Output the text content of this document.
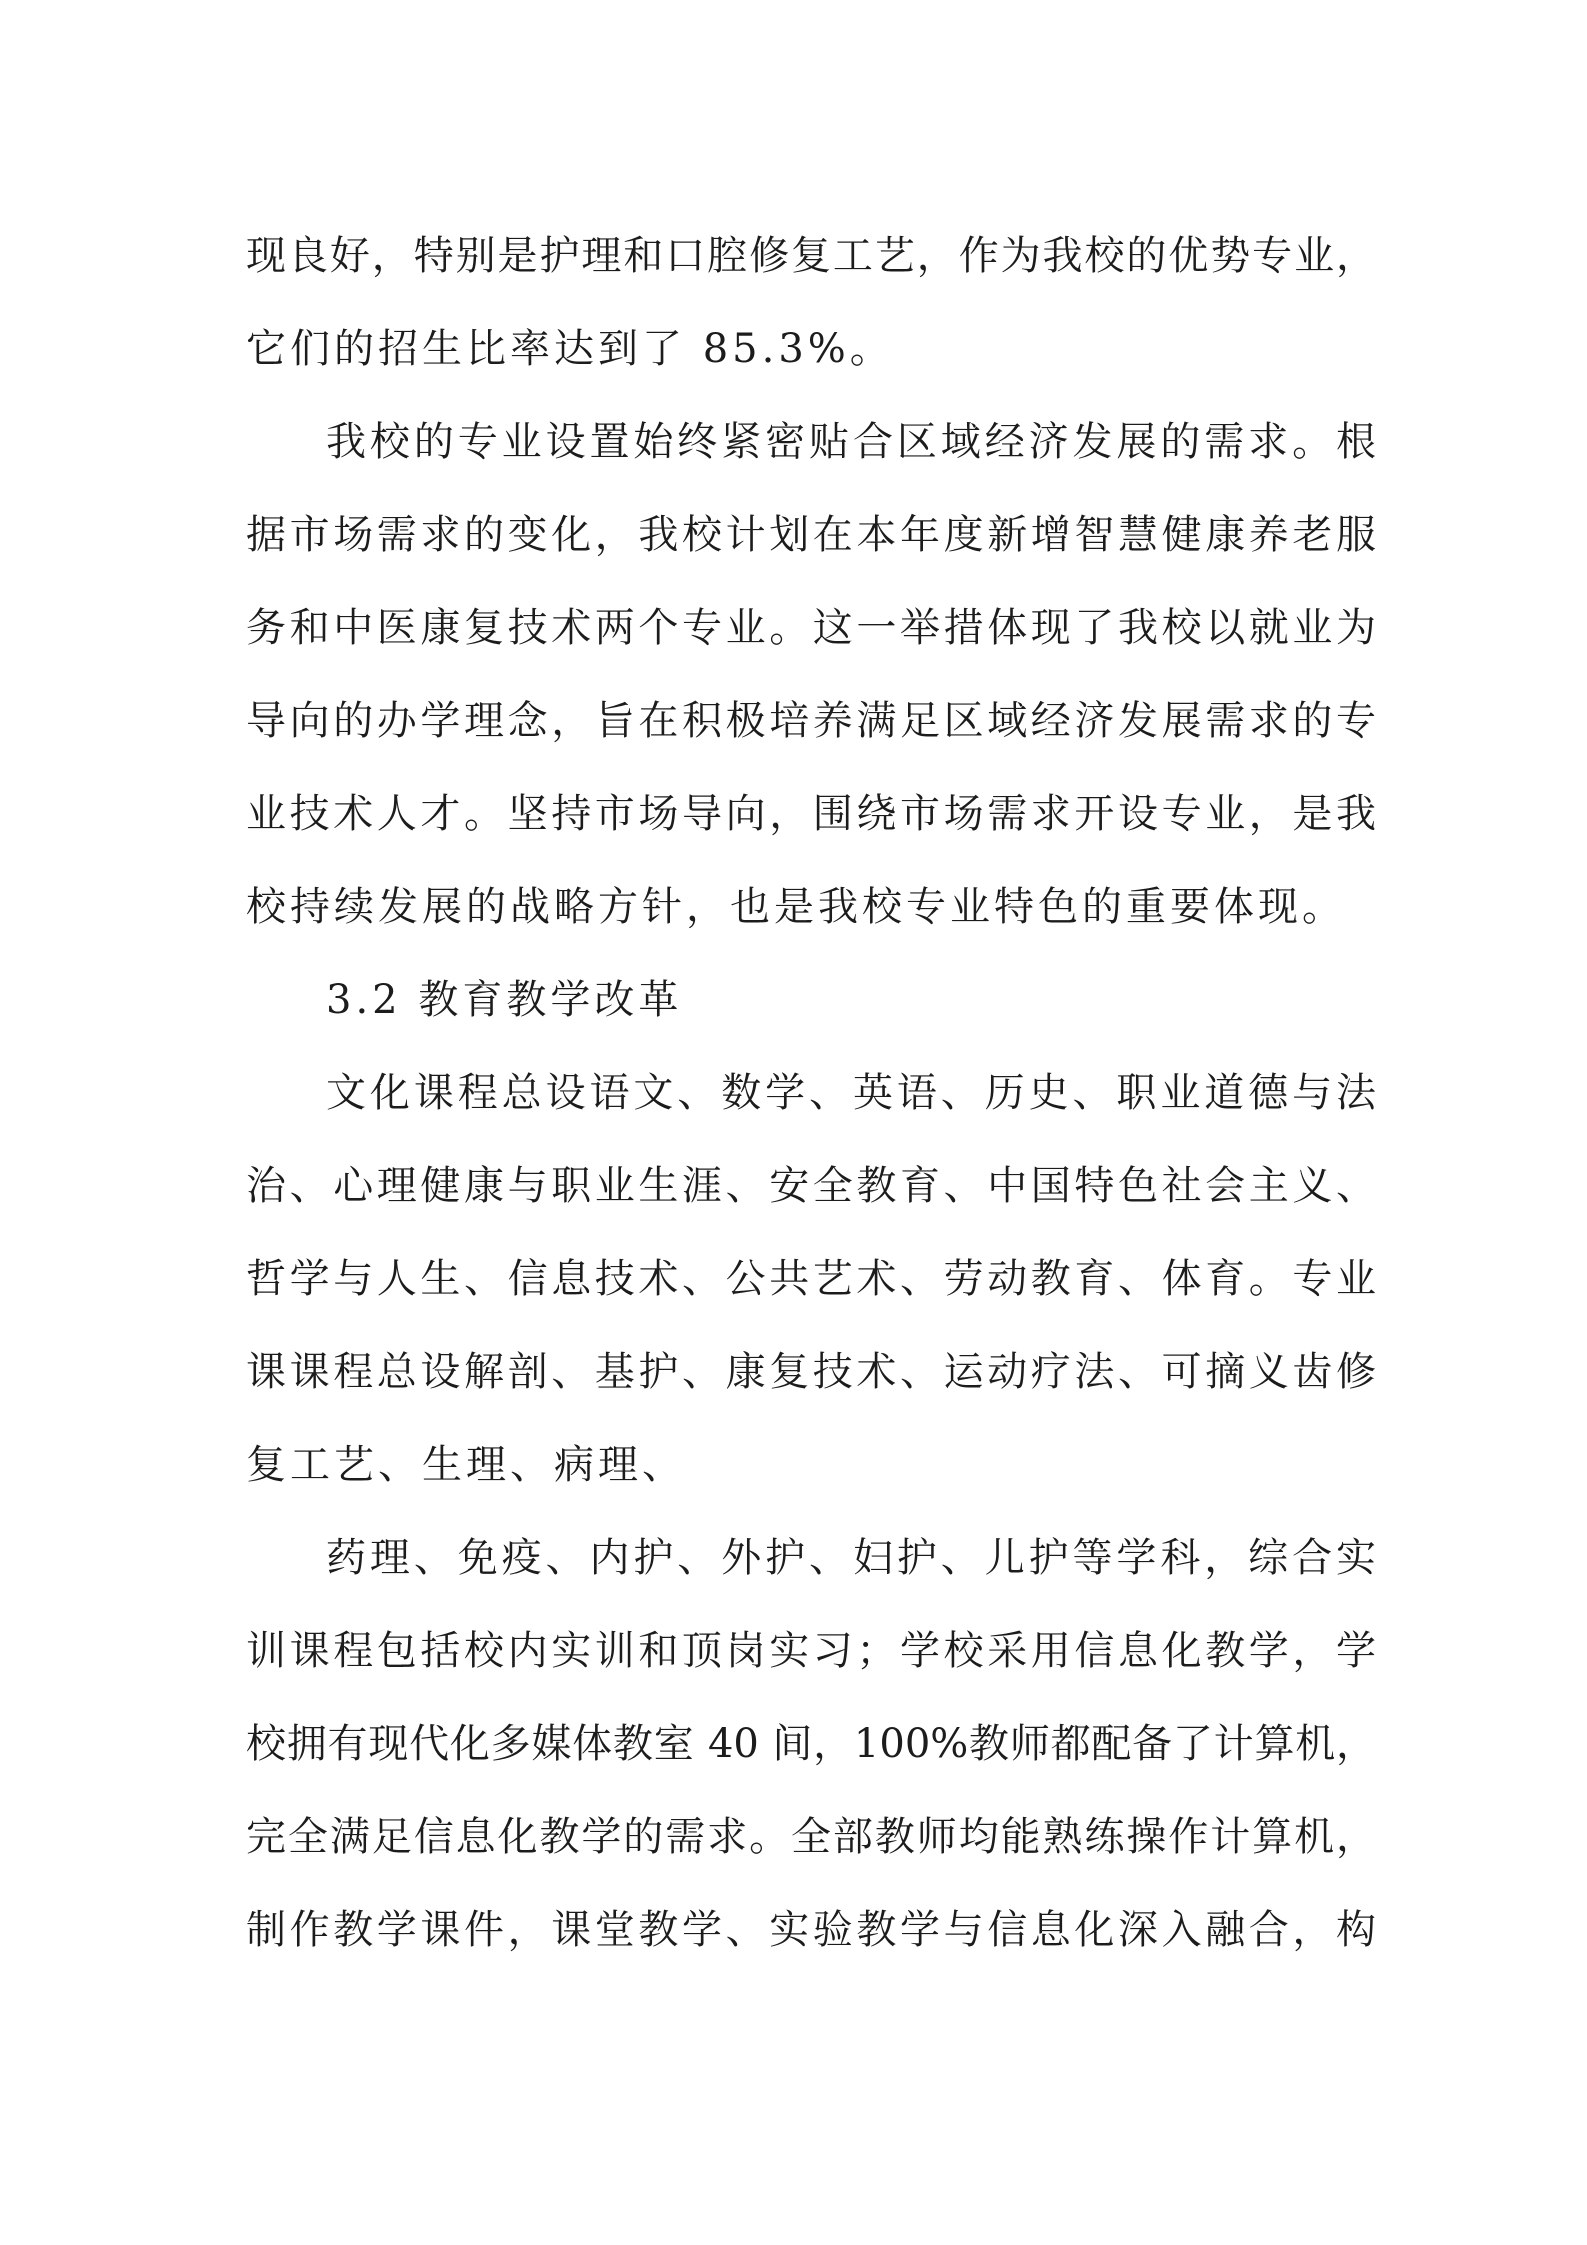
现良好，特别是护理和口腔修复工艺，作为我校的优势专业，
它们的招生比率达到了 85.3%。
我校的专业设置始终紧密贴合区域经济发展的需求。根
据市场需求的变化，我校计划在本年度新增智慧健康养老服
务和中医康复技术两个专业。这一举措体现了我校以就业为
导向的办学理念，旨在积极培养满足区域经济发展需求的专
业技术人才。坚持市场导向，围绕市场需求开设专业，是我
校持续发展的战略方针，也是我校专业特色的重要体现。
3.2 教育教学改革
文化课程总设语文、数学、英语、历史、职业道德与法
治、心理健康与职业生涯、安全教育、中国特色社会主义、
哲学与人生、信息技术、公共艺术、劳动教育、体育。专业
课课程总设解剖、基护、康复技术、运动疗法、可摘义齿修
复工艺、生理、病理、
药理、免疫、内护、外护、妇护、儿护等学科，综合实
训课程包括校内实训和顶岗实习；学校采用信息化教学，学
校拥有现代化多媒体教室 40 间，100%教师都配备了计算机，
完全满足信息化教学的需求。全部教师均能熟练操作计算机，
制作教学课件，课堂教学、实验教学与信息化深入融合，构
